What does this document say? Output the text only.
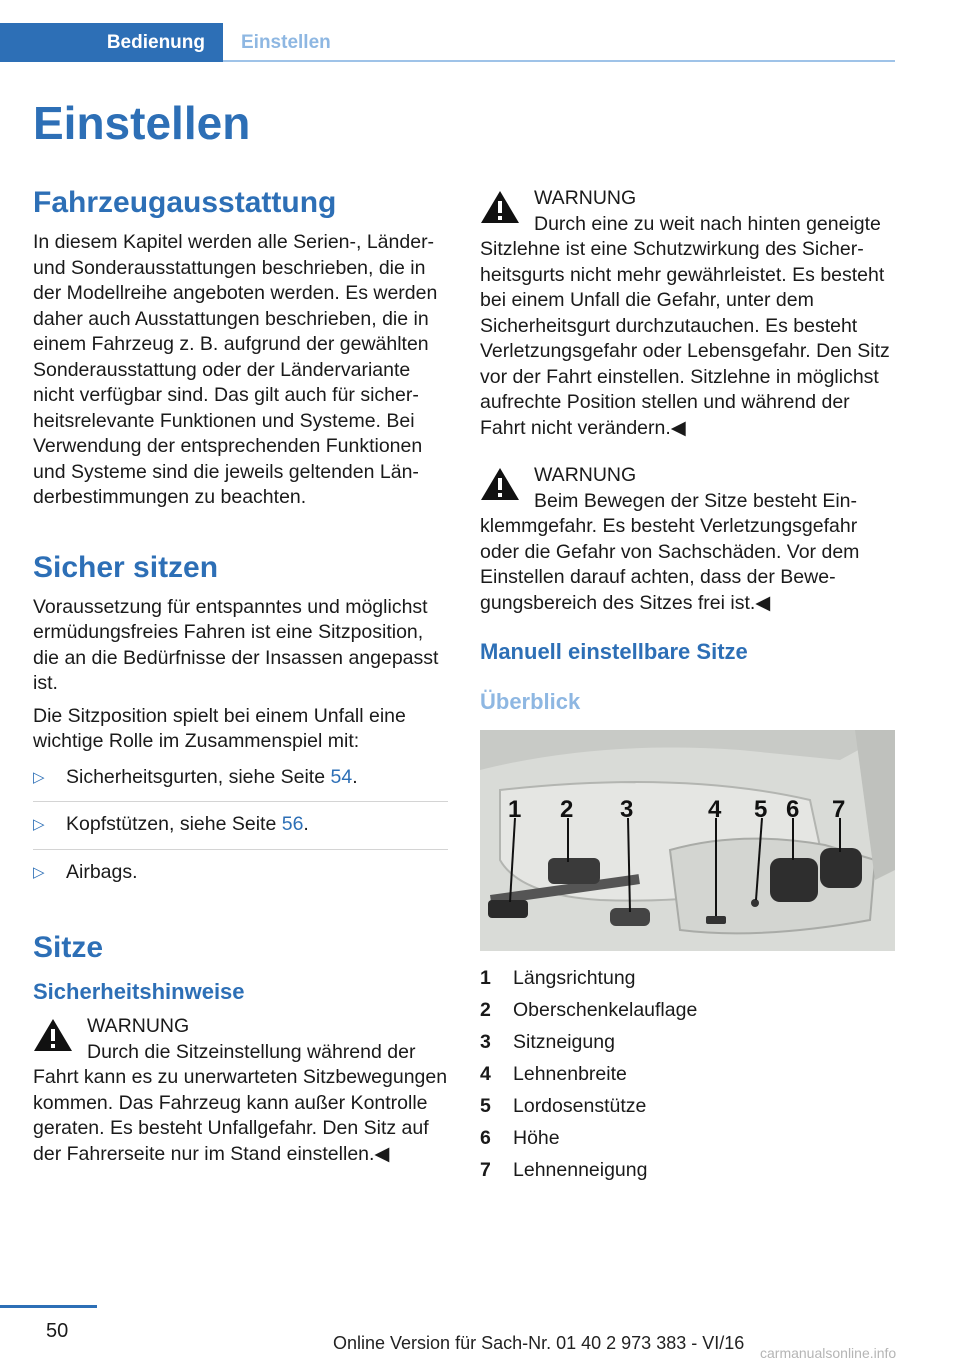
Bedienung Einstellen
Einstellen
Fahrzeugausstattung

In diesem Kapitel werden alle Serien-, Länder- und Sonderausstattungen beschrieben, die in der Modellreihe angeboten werden. Es werden daher auch Ausstattungen beschrieben, die in einem Fahrzeug z. B. aufgrund der gewählten Sonderausstattung oder der Ländervariante nicht verfügbar sind. Das gilt auch für sicherheitsrelevante Funktionen und Systeme. Bei Verwendung der entsprechenden Funktionen und Systeme sind die jeweils geltenden Länderbestimmungen zu beachten.

Sicher sitzen

Voraussetzung für entspanntes und möglichst ermüdungsfreies Fahren ist eine Sitzposition, die an die Bedürfnisse der Insassen angepasst ist.

Die Sitzposition spielt bei einem Unfall eine wichtige Rolle im Zusammenspiel mit:

▷	Sicherheitsgurten, siehe Seite 54.
▷	Kopfstützen, siehe Seite 56.
▷	Airbags.
Sitze
Sicherheitshinweise
WARNUNG
Durch die Sitzeinstellung während der Fahrt kann es zu unerwarteten Sitzbewegungen kommen. Das Fahrzeug kann außer Kontrolle geraten. Es besteht Unfallgefahr. Den Sitz auf der Fahrerseite nur im Stand einstellen.◀
WARNUNG
Durch eine zu weit nach hinten geneigte Sitzlehne ist eine Schutzwirkung des Sicherheitsgurts nicht mehr gewährleistet. Es besteht bei einem Unfall die Gefahr, unter dem Sicherheitsgurt durchzutauchen. Es besteht Verletzungsgefahr oder Lebensgefahr. Den Sitz vor der Fahrt einstellen. Sitzlehne in möglichst aufrechte Position stellen und während der Fahrt nicht verändern.◀
WARNUNG
Beim Bewegen der Sitze besteht Einklemmgefahr. Es besteht Verletzungsgefahr oder die Gefahr von Sachschäden. Vor dem Einstellen darauf achten, dass der Bewegungsbereich des Sitzes frei ist.◀
Manuell einstellbare Sitze
Überblick
1 2 3	4 5 6 7
1	Längsrichtung
2	Oberschenkelauflage
3	Sitzneigung
4	Lehnenbreite
5	Lordosenstütze
6	Höhe
7	Lehnenneigung
50
Online Version für Sach-Nr. 01 40 2 973 383 - VI/16 carmanualsonline.info
